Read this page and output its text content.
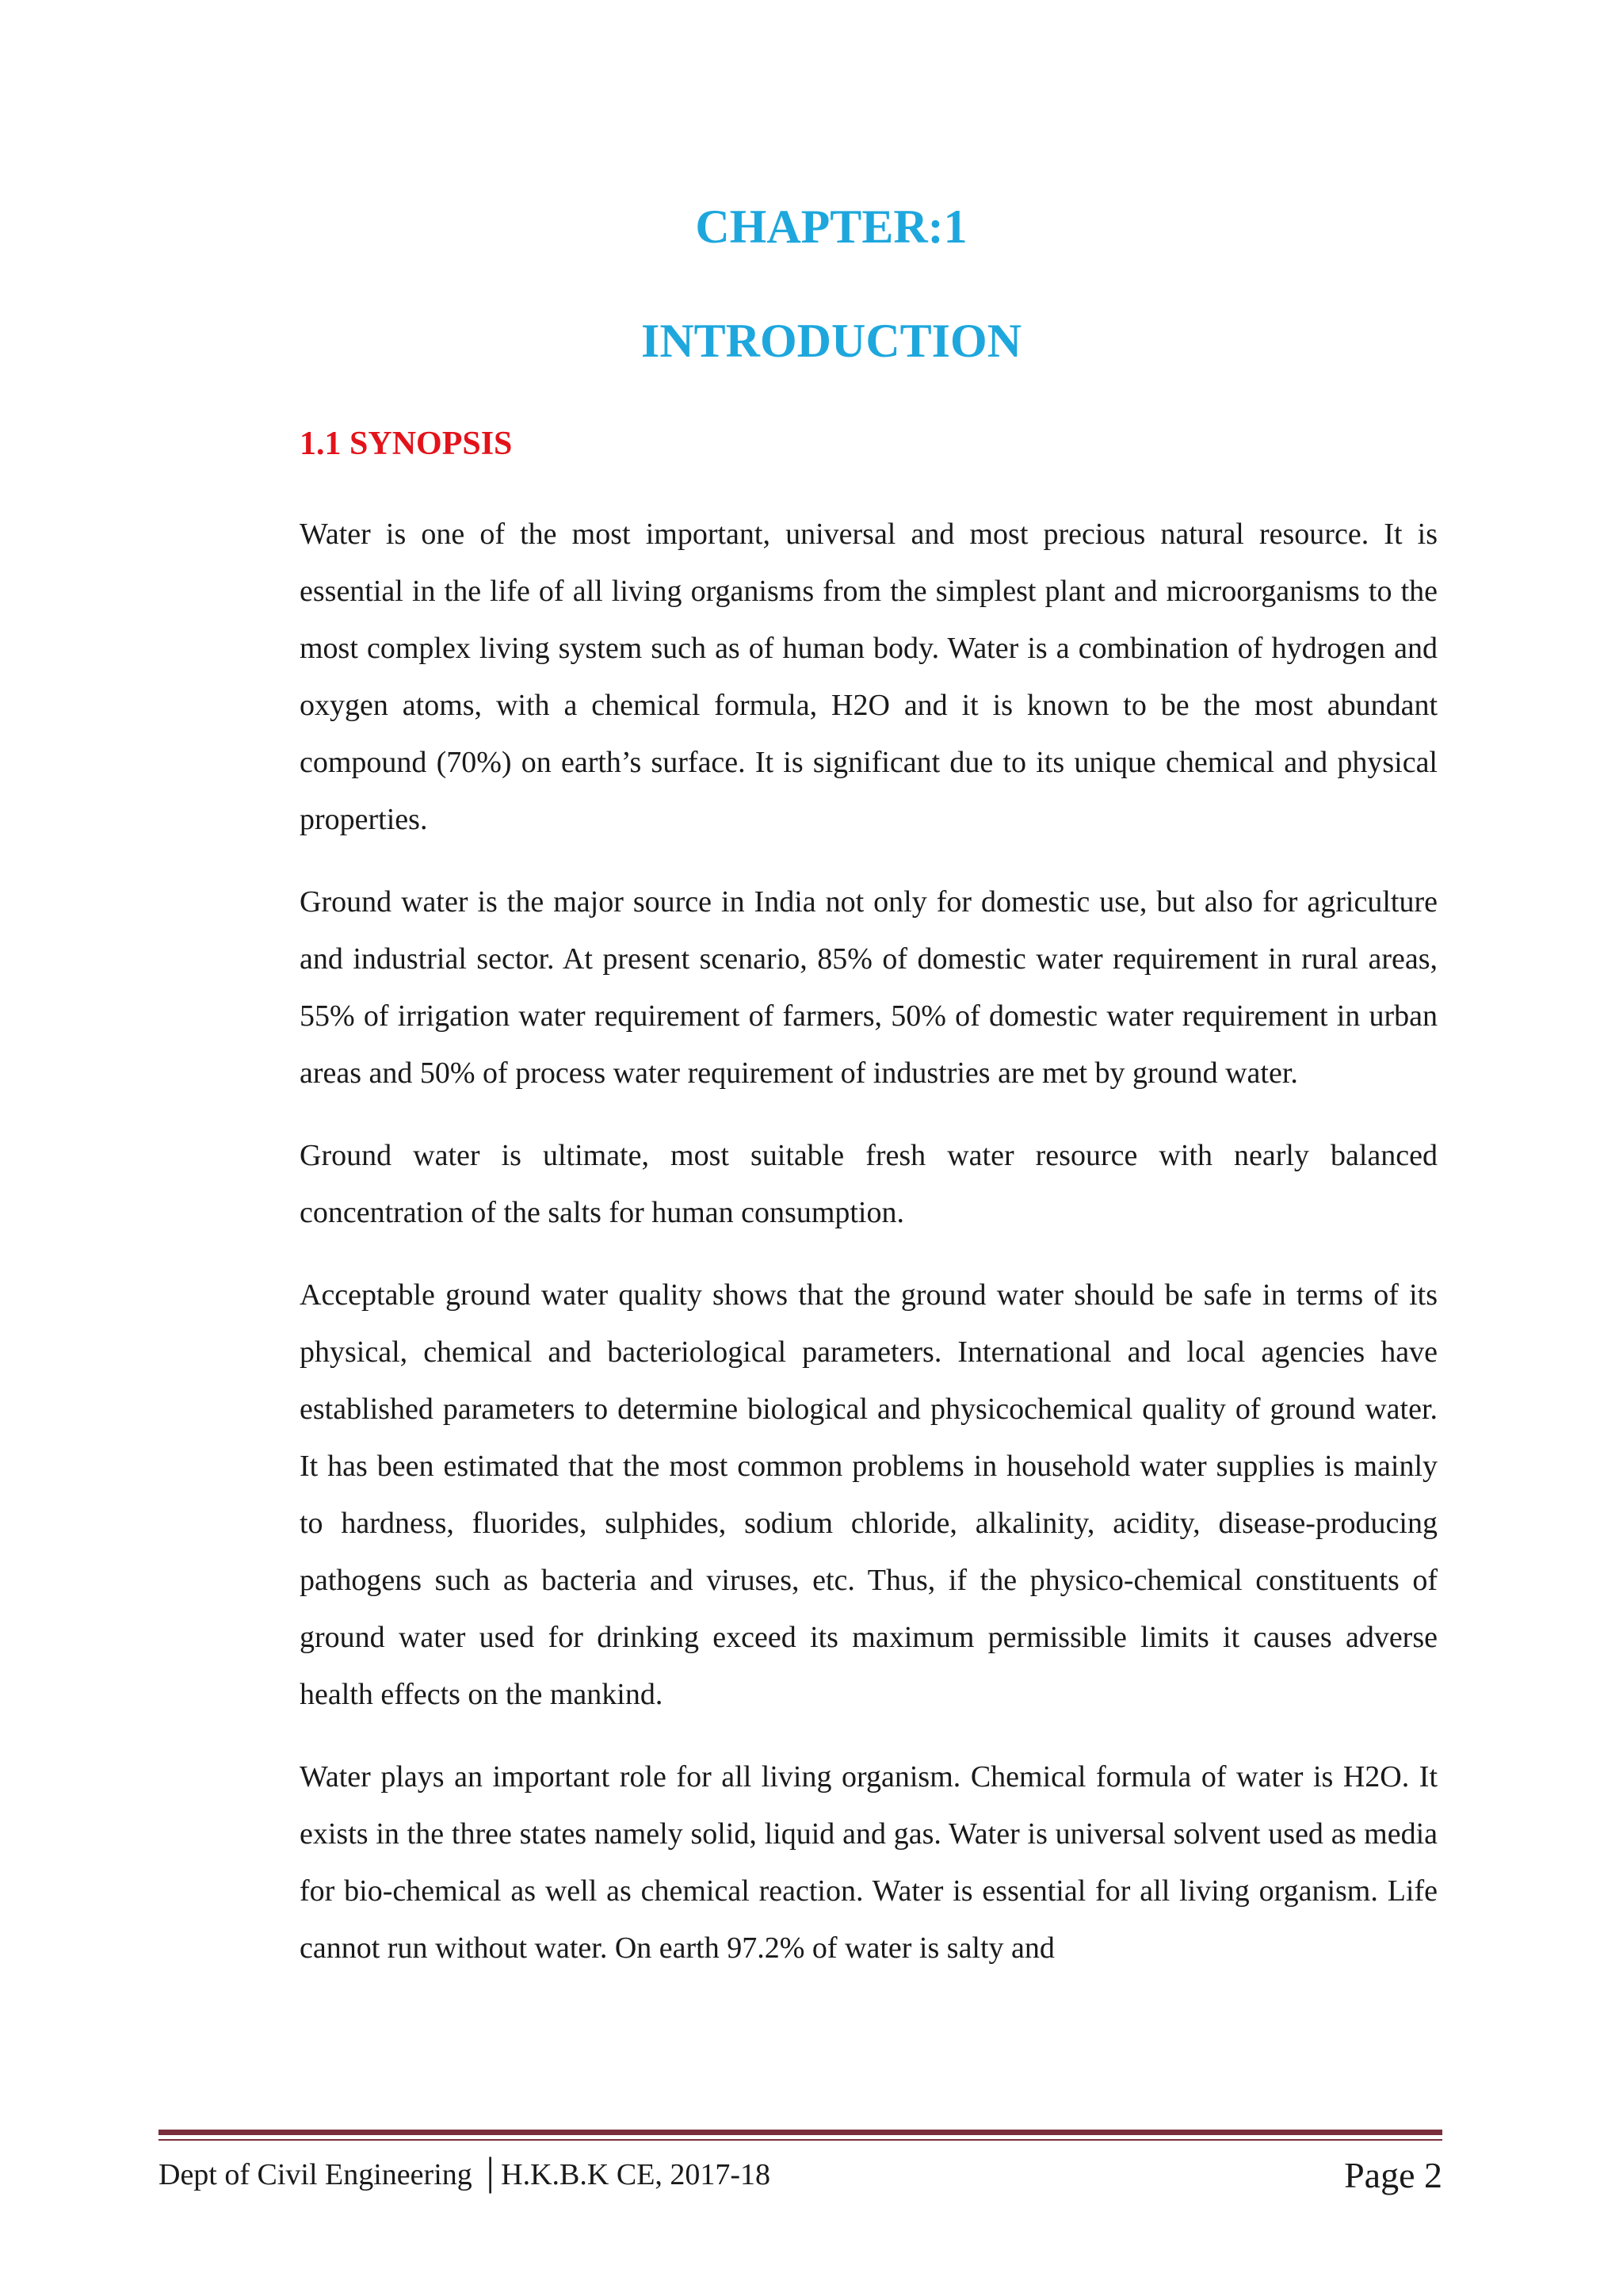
CHAPTER:1
INTRODUCTION
1.1 SYNOPSIS

Water is one of the most important, universal and most precious natural resource. It is essential in the life of all living organisms from the simplest plant and microorganisms to the most complex living system such as of human body. Water is a combination of hydrogen and oxygen atoms, with a chemical formula, H2O and it is known to be the most abundant compound (70%) on earth’s surface. It is significant due to its unique chemical and physical properties.

Ground water is the major source in India not only for domestic use, but also for agriculture and industrial sector. At present scenario, 85% of domestic water requirement in rural areas, 55% of irrigation water requirement of farmers, 50% of domestic water requirement in urban areas and 50% of process water requirement of industries are met by ground water.

Ground water is ultimate, most suitable fresh water resource with nearly balanced concentration of the salts for human consumption.

Acceptable ground water quality shows that the ground water should be safe in terms of its physical, chemical and bacteriological parameters. International and local agencies have established parameters to determine biological and physicochemical quality of ground water. It has been estimated that the most common problems in household water supplies is mainly to hardness, fluorides, sulphides, sodium chloride, alkalinity, acidity, disease-producing pathogens such as bacteria and viruses, etc. Thus, if the physico-chemical constituents of ground water used for drinking exceed its maximum permissible limits it causes adverse health effects on the mankind.

Water plays an important role for all living organism. Chemical formula of water is H2O. It exists in the three states namely solid, liquid and gas. Water is universal solvent used as media for bio-chemical as well as chemical reaction. Water is essential for all living organism. Life cannot run without water. On earth 97.2% of water is salty and

Dept of Civil Engineering │H.K.B.K CE, 2017-18	Page 2
